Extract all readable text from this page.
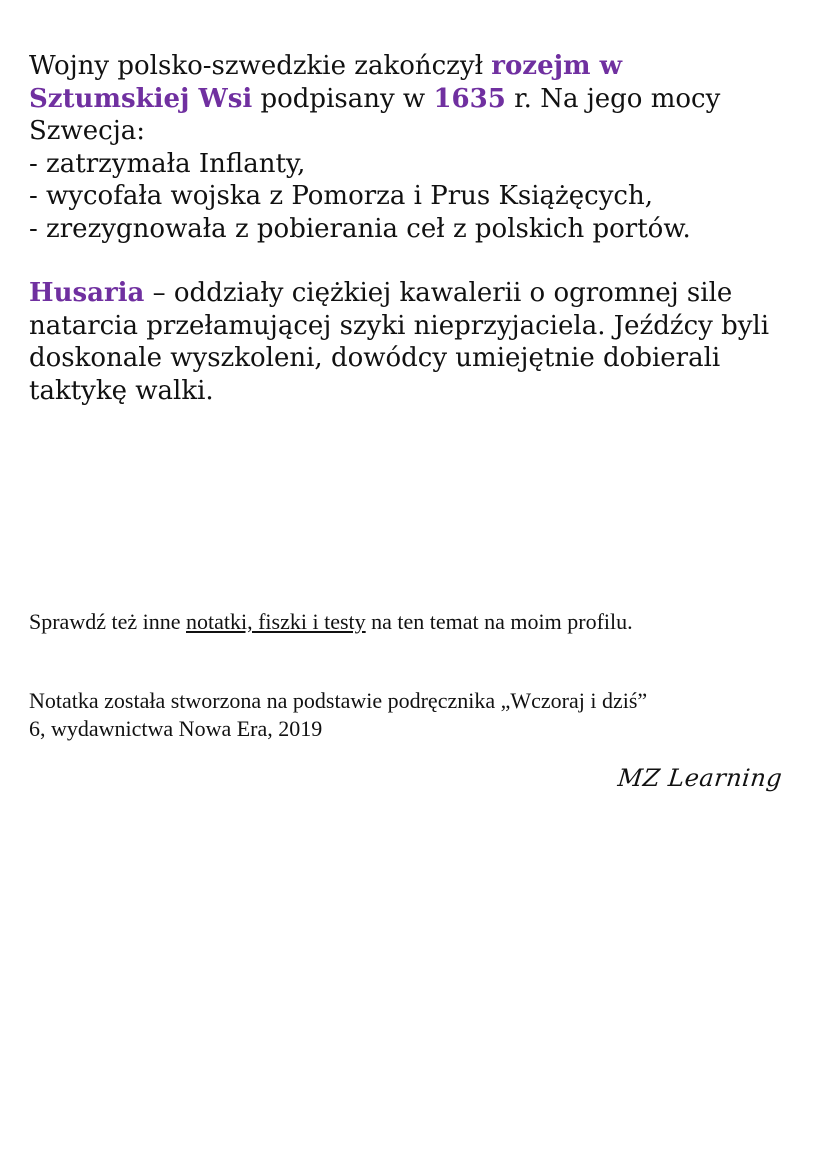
Wojny polsko-szwedzkie zakończył rozejm w
Sztumskiej Wsi podpisany w 1635 r. Na jego mocy
Szwecja:
- zatrzymała Inflanty,
- wycofała wojska z Pomorza i Prus Książęcych,
- zrezygnowała z pobierania ceł z polskich portów.

Husaria – oddziały ciężkiej kawalerii o ogromnej sile
natarcia przełamującej szyki nieprzyjaciela. Jeźdźcy byli
doskonale wyszkoleni, dowódcy umiejętnie dobierali
taktykę walki.

Sprawdź też inne notatki, fiszki i testy na ten temat na moim profilu.

Notatka została stworzona na podstawie podręcznika „Wczoraj i dziś”
6, wydawnictwa Nowa Era, 2019

MZ Learning
